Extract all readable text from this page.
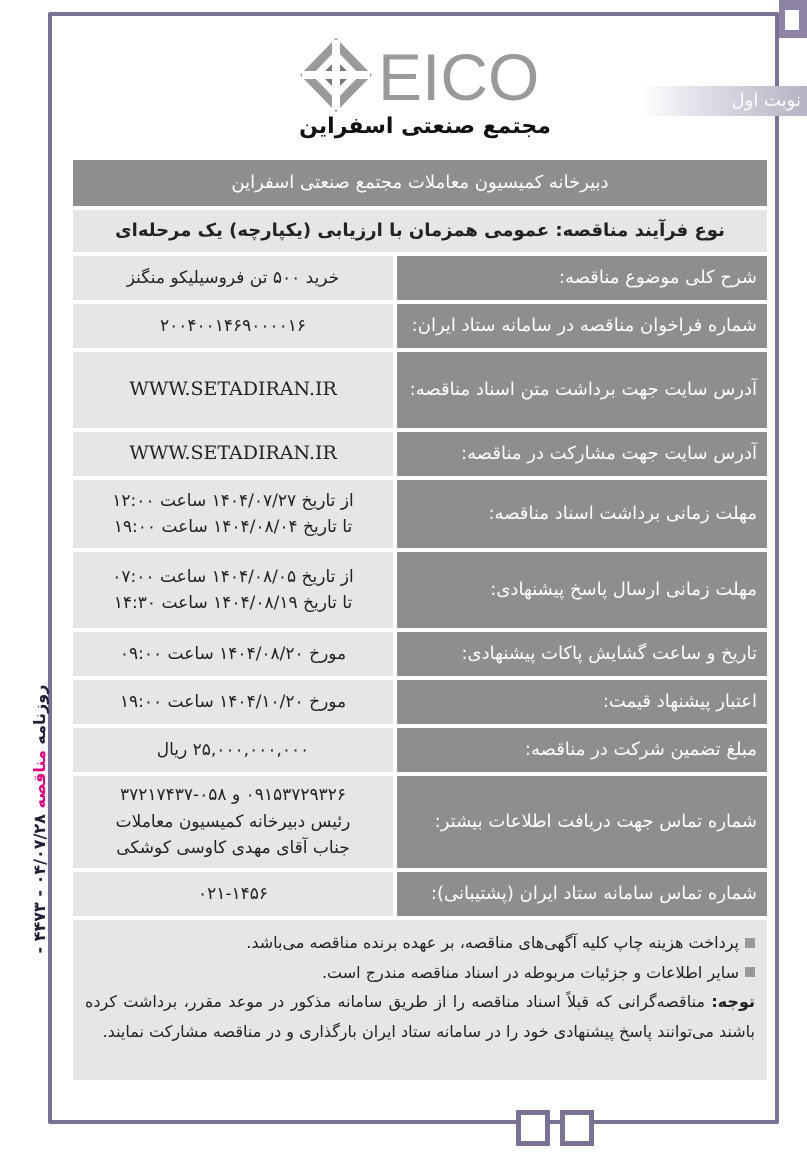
نوبت اول
روزنامه مناقصه ۰۴/۰۷/۲۸ - ۴۴۷۳ -
EICO
مجتمع صنعتی اسفراین
دبیرخانه کمیسیون معاملات مجتمع صنعتی اسفراین
نوع فرآیند مناقصه: عمومی همزمان با ارزیابی (یکپارچه) یک مرحله‌ای
شرح کلی موضوع مناقصه:
خرید ۵۰۰ تن فروسیلیکو منگنز
شماره فراخوان مناقصه در سامانه ستاد ایران:
۲۰۰۴۰۰۱۴۶۹۰۰۰۰۱۶
آدرس سایت جهت برداشت متن اسناد مناقصه:
WWW.SETADIRAN.IR
آدرس سایت جهت مشارکت در مناقصه:
WWW.SETADIRAN.IR
مهلت زمانی برداشت اسناد مناقصه:
از تاریخ ۱۴۰۴/۰۷/۲۷ ساعت ۱۲:۰۰
تا تاریخ ۱۴۰۴/۰۸/۰۴ ساعت ۱۹:۰۰
مهلت زمانی ارسال پاسخ پیشنهادی:
از تاریخ ۱۴۰۴/۰۸/۰۵ ساعت ۰۷:۰۰
تا تاریخ ۱۴۰۴/۰۸/۱۹ ساعت ۱۴:۳۰
تاریخ و ساعت گشایش پاکات پیشنهادی:
مورخ ۱۴۰۴/۰۸/۲۰ ساعت ۰۹:۰۰
اعتبار پیشنهاد قیمت:
مورخ ۱۴۰۴/۱۰/۲۰ ساعت ۱۹:۰۰
مبلغ تضمین شرکت در مناقصه:
۲۵,۰۰۰,۰۰۰,۰۰۰ ریال
شماره تماس جهت دریافت اطلاعات بیشتر:
۰۹۱۵۳۷۲۹۳۲۶ و ۰۵۸-۳۷۲۱۷۴۳۷
رئیس دبیرخانه کمیسیون معاملات
جناب آقای مهدی کاوسی کوشکی
شماره تماس سامانه ستاد ایران (پشتیبانی):
۰۲۱-۱۴۵۶
پرداخت هزینه چاپ کلیه آگهی‌های مناقصه، بر عهده برنده مناقصه می‌باشد.
سایر اطلاعات و جزئیات مربوطه در اسناد مناقصه مندرج است.
توجه: مناقصه‌گرانی که قبلاً اسناد مناقصه را از طریق سامانه مذکور در موعد مقرر، برداشت کرده باشند می‌توانند پاسخ پیشنهادی خود را در سامانه ستاد ایران بارگذاری و در مناقصه مشارکت نمایند.
